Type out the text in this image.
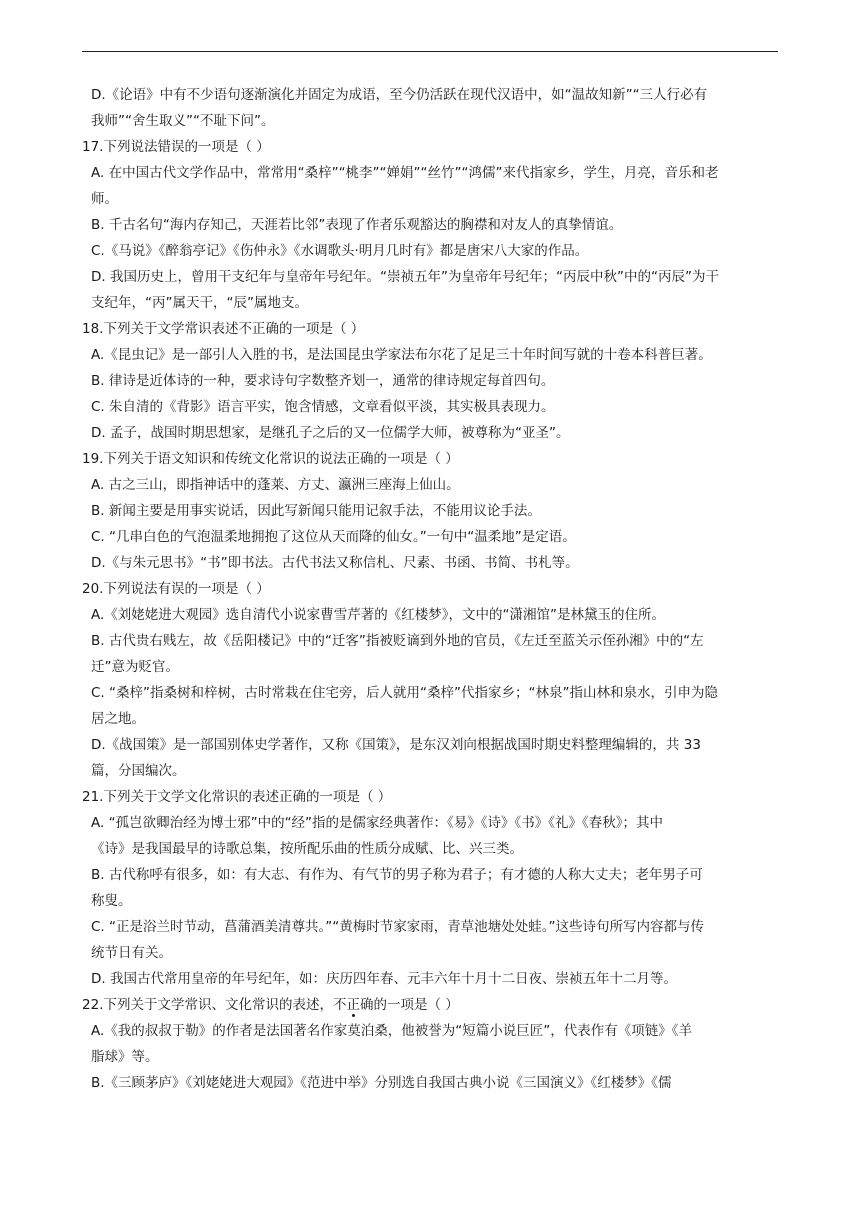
D.《论语》中有不少语句逐渐演化并固定为成语，至今仍活跃在现代汉语中，如“温故知新”“三人行必有
我师”“舍生取义”“不耻下问”。
17.下列说法错误的一项是（ ）
A. 在中国古代文学作品中，常常用“桑梓”“桃李”“婵娟”“丝竹”“鸿儒”来代指家乡，学生，月亮，音乐和老
师。
B. 千古名句“海内存知己，天涯若比邻”表现了作者乐观豁达的胸襟和对友人的真挚情谊。
C.《马说》《醉翁亭记》《伤仲永》《水调歌头·明月几时有》都是唐宋八大家的作品。
D. 我国历史上，曾用干支纪年与皇帝年号纪年。“崇祯五年”为皇帝年号纪年；“丙辰中秋”中的“丙辰”为干
支纪年，“丙”属天干，“辰”属地支。
18.下列关于文学常识表述不正确的一项是（ ）
A.《昆虫记》是一部引人入胜的书，是法国昆虫学家法布尔花了足足三十年时间写就的十卷本科普巨著。
B. 律诗是近体诗的一种，要求诗句字数整齐划一，通常的律诗规定每首四句。
C. 朱自清的《背影》语言平实，饱含情感，文章看似平淡，其实极具表现力。
D. 孟子，战国时期思想家，是继孔子之后的又一位儒学大师，被尊称为“亚圣”。
19.下列关于语文知识和传统文化常识的说法正确的一项是（ ）
A. 古之三山，即指神话中的蓬莱、方丈、瀛洲三座海上仙山。
B. 新闻主要是用事实说话，因此写新闻只能用记叙手法，不能用议论手法。
C. “几串白色的气泡温柔地拥抱了这位从天而降的仙女。”一句中“温柔地”是定语。
D.《与朱元思书》“书”即书法。古代书法又称信札、尺素、书函、书简、书札等。
20.下列说法有误的一项是（ ）
A.《刘姥姥进大观园》选自清代小说家曹雪芹著的《红楼梦》，文中的“潇湘馆”是林黛玉的住所。
B. 古代贵右贱左，故《岳阳楼记》中的“迁客”指被贬谪到外地的官员，《左迁至蓝关示侄孙湘》中的“左
迁”意为贬官。
C. “桑梓”指桑树和梓树，古时常栽在住宅旁，后人就用“桑梓”代指家乡；“林泉”指山林和泉水，引申为隐
居之地。
D.《战国策》是一部国别体史学著作，又称《国策》，是东汉刘向根据战国时期史料整理编辑的，共 33
篇，分国编次。
21.下列关于文学文化常识的表述正确的一项是（ ）
A. “孤岂欲卿治经为博士邪”中的“经”指的是儒家经典著作：《易》《诗》《书》《礼》《春秋》；其中
《诗》是我国最早的诗歌总集，按所配乐曲的性质分成赋、比、兴三类。
B. 古代称呼有很多，如：有大志、有作为、有气节的男子称为君子；有才德的人称大丈夫；老年男子可
称叟。
C. “正是浴兰时节动，菖蒲酒美清尊共。”“黄梅时节家家雨，青草池塘处处蛙。”这些诗句所写内容都与传
统节日有关。
D. 我国古代常用皇帝的年号纪年，如：庆历四年春、元丰六年十月十二日夜、崇祯五年十二月等。
22.下列关于文学常识、文化常识的表述，不正确的一项是（ ）
A.《我的叔叔于勒》的作者是法国著名作家莫泊桑，他被誉为“短篇小说巨匠”，代表作有《项链》《羊
脂球》等。
B.《三顾茅庐》《刘姥姥进大观园》《范进中举》分别选自我国古典小说《三国演义》《红楼梦》《儒
